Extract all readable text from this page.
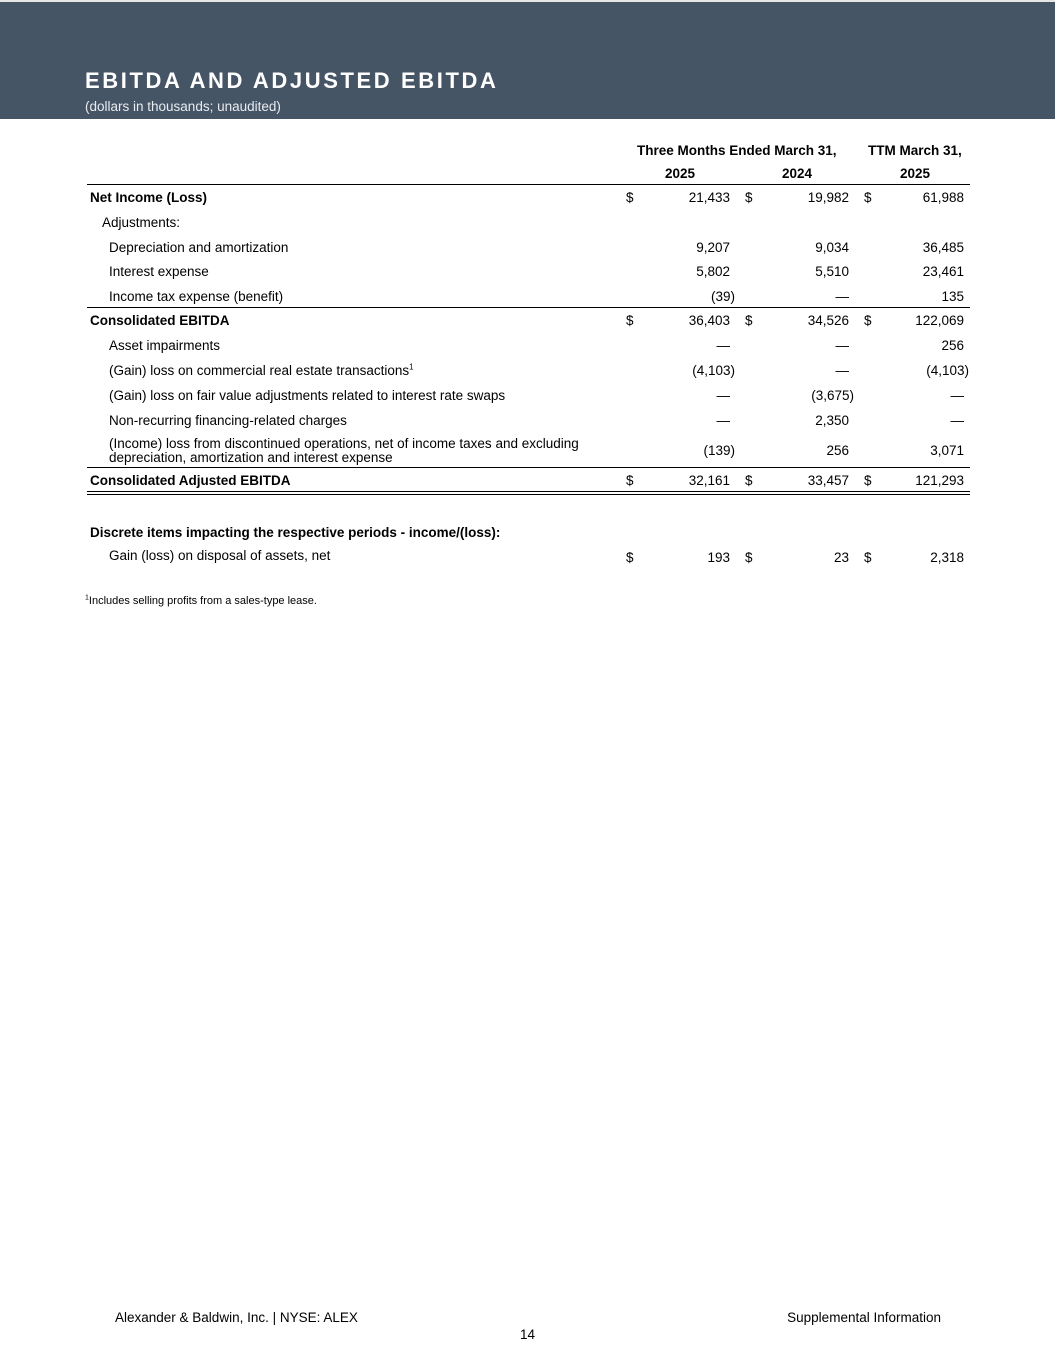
EBITDA AND ADJUSTED EBITDA
(dollars in thousands; unaudited)
Three Months Ended March 31, TTM March 31,
2025	2024	2025
Net Income (Loss)	$	21,433 $	19,982 $	61,988
Adjustments:
Depreciation and amortization	9,207	9,034	36,485
Interest expense	5,802	5,510	23,461
Income tax expense (benefit)	(39)	—	135
Consolidated EBITDA	$	36,403 $	34,526 $	122,069
Asset impairments	—	—	256
(Gain) loss on commercial real estate transactions$^1$	(4,103)	—	(4,103)
(Gain) loss on fair value adjustments related to interest rate swaps	—	(3,675)	—
Non-recurring financing-related charges	—	2,350	—
(Income) loss from discontinued operations, net of income taxes and excluding depreciation, amortization and interest expense	(139)	256	3,071
Consolidated Adjusted EBITDA	$	32,161 $	33,457 $	121,293
Discrete items impacting the respective periods - income/(loss):
Gain (loss) on disposal of assets, net	$	193 $	23 $	2,318
$^1$Includes selling profits from a sales-type lease.
Alexander & Baldwin, Inc. | NYSE: ALEX	Supplemental Information
14
